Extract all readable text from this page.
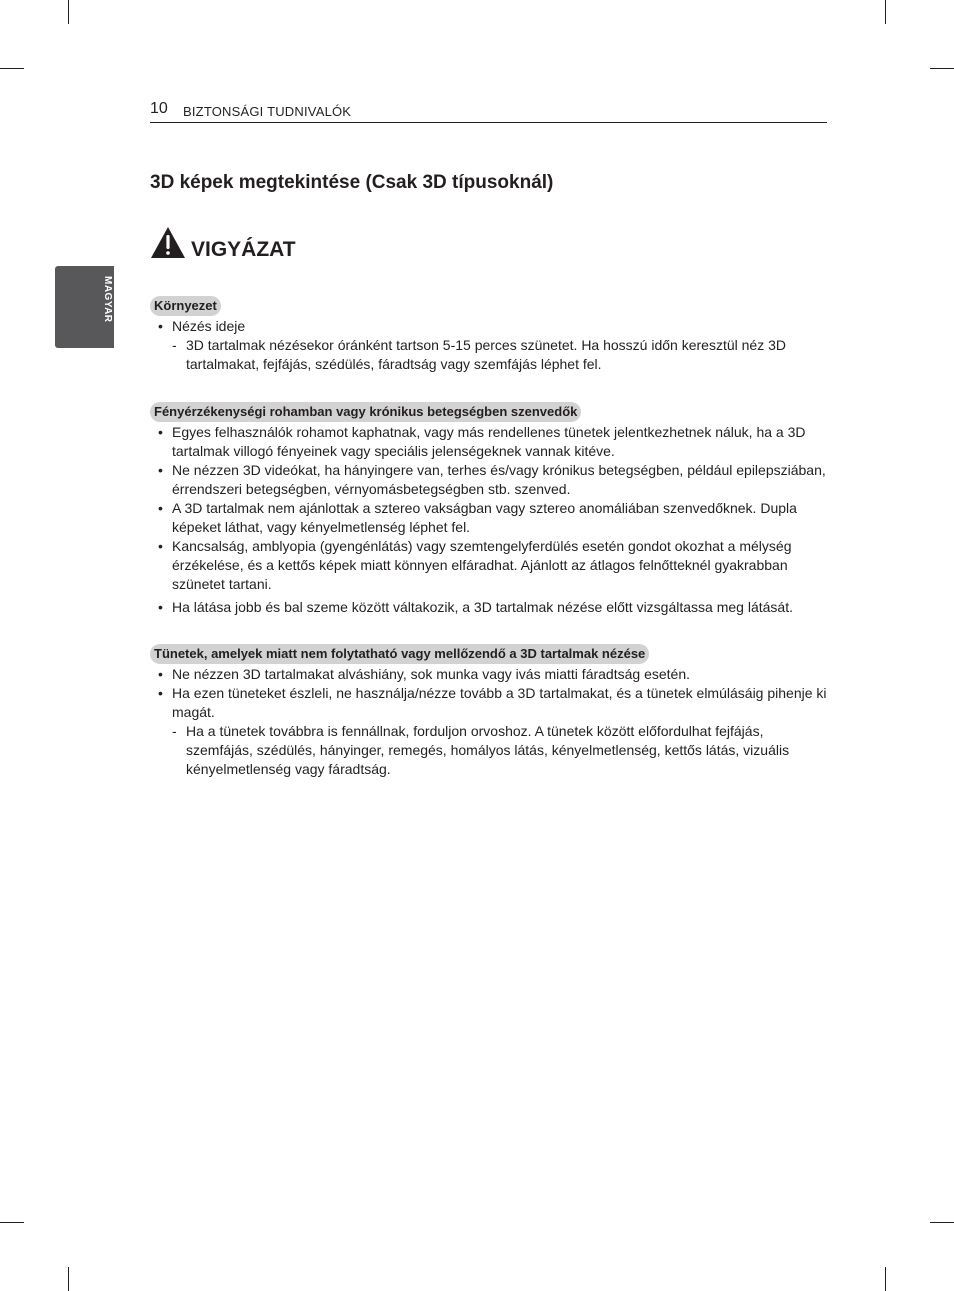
10 BIZTONSÁGI TUDNIVALÓK
MAGYAR
3D képek megtekintése (Csak 3D típusoknál)
VIGYÁZAT
Környezet
• Nézés ideje
- 3D tartalmak nézésekor óránként tartson 5-15 perces szünetet. Ha hosszú időn keresztül néz 3D tartalmakat, fejfájás, szédülés, fáradtság vagy szemfájás léphet fel.
Fényérzékenységi rohamban vagy krónikus betegségben szenvedők
• Egyes felhasználók rohamot kaphatnak, vagy más rendellenes tünetek jelentkezhetnek náluk, ha a 3D tartalmak villogó fényeinek vagy speciális jelenségeknek vannak kitéve.
• Ne nézzen 3D videókat, ha hányingere van, terhes és/vagy krónikus betegségben, például epilepsziában, érrendszeri betegségben, vérnyomásbetegségben stb. szenved.
• A 3D tartalmak nem ajánlottak a sztereo vakságban vagy sztereo anomáliában szenvedőknek. Dupla képeket láthat, vagy kényelmetlenség léphet fel.
• Kancsalság, amblyopia (gyengénlátás) vagy szemtengelyferdülés esetén gondot okozhat a mélység érzékelése, és a kettős képek miatt könnyen elfáradhat. Ajánlott az átlagos felnőtteknél gyakrabban szünetet tartani.
• Ha látása jobb és bal szeme között váltakozik, a 3D tartalmak nézése előtt vizsgáltassa meg látását.
Tünetek, amelyek miatt nem folytatható vagy mellőzendő a 3D tartalmak nézése
• Ne nézzen 3D tartalmakat alváshiány, sok munka vagy ivás miatti fáradtság esetén.
• Ha ezen tüneteket észleli, ne használja/nézze tovább a 3D tartalmakat, és a tünetek elmúlásáig pihenje ki magát.
- Ha a tünetek továbbra is fennállnak, forduljon orvoshoz. A tünetek között előfordulhat fejfájás, szemfájás, szédülés, hányinger, remegés, homályos látás, kényelmetlenség, kettős látás, vizuális kényelmetlenség vagy fáradtság.
